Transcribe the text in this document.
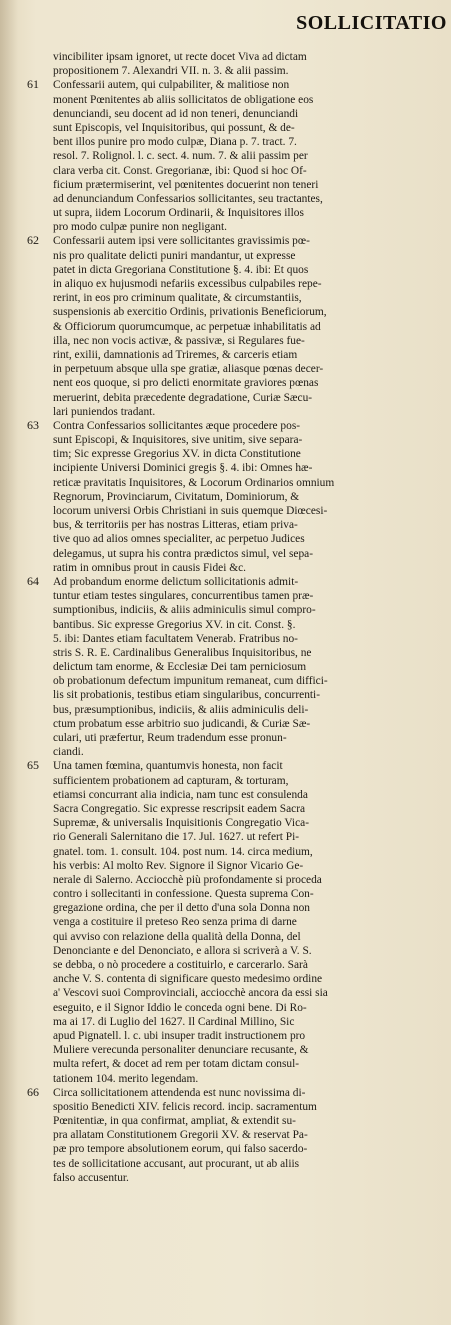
SOLLICITATIO
vincibiliter ipsam ignoret, ut recte docet Viva ad dictam
propositionem 7. Alexandri VII. n. 3. & alii passim.
61	Confessarii autem, qui culpabiliter, & malitiose non
monent Pœnitentes ab aliis sollicitatos de obligatione eos
denunciandi, seu docent ad id non teneri, denunciandi
sunt Episcopis, vel Inquisitoribus, qui possunt, & de-
bent illos punire pro modo culpæ, Diana p. 7. tract. 7.
resol. 7. Rolignol. l. c. sect. 4. num. 7. & alii passim per
clara verba cit. Const. Gregorianæ, ibi: Quod si hoc Of-
ficium prætermiserint, vel pœnitentes docuerint non teneri
ad denunciandum Confessarios sollicitantes, seu tractantes,
ut supra, iidem Locorum Ordinarii, & Inquisitores illos
pro modo culpæ punire non negligant.
62	Confessarii autem ipsi vere sollicitantes gravissimis pœ-
nis pro qualitate delicti puniri mandantur, ut expresse
patet in dicta Gregoriana Constitutione §. 4. ibi: Et quos
in aliquo ex hujusmodi nefariis excessibus culpabiles repe-
rerint, in eos pro criminum qualitate, & circumstantiis,
suspensionis ab exercitio Ordinis, privationis Beneficiorum,
& Officiorum quorumcumque, ac perpetuæ inhabilitatis ad
illa, nec non vocis activæ, & passivæ, si Regulares fue-
rint, exilii, damnationis ad Triremes, & carceris etiam
in perpetuum absque ulla spe gratiæ, aliasque pœnas decer-
nent eos quoque, si pro delicti enormitate graviores pœnas
meruerint, debita præcedente degradatione, Curiæ Sæcu-
lari puniendos tradant.
63	Contra Confessarios sollicitantes æque procedere pos-
sunt Episcopi, & Inquisitores, sive unitim, sive separa-
tim; Sic expresse Gregorius XV. in dicta Constitutione
incipiente Universi Dominici gregis §. 4. ibi: Omnes hæ-
reticæ pravitatis Inquisitores, & Locorum Ordinarios omnium
Regnorum, Provinciarum, Civitatum, Dominiorum, &
locorum universi Orbis Christiani in suis quemque Diœcesi-
bus, & territoriis per has nostras Litteras, etiam priva-
tive quo ad alios omnes specialiter, ac perpetuo Judices
delegamus, ut supra his contra prædictos simul, vel sepa-
ratim in omnibus prout in causis Fidei &c.
64	Ad probandum enorme delictum sollicitationis admit-
tuntur etiam testes singulares, concurrentibus tamen præ-
sumptionibus, indiciis, & aliis adminiculis simul compro-
bantibus. Sic expresse Gregorius XV. in cit. Const. §.
5. ibi: Dantes etiam facultatem Venerab. Fratribus no-
stris S. R. E. Cardinalibus Generalibus Inquisitoribus, ne
delictum tam enorme, & Ecclesiæ Dei tam perniciosum
ob probationum defectum impunitum remaneat, cum diffici-
lis sit probationis, testibus etiam singularibus, concurrenti-
bus, præsumptionibus, indiciis, & aliis adminiculis deli-
ctum probatum esse arbitrio suo judicandi, & Curiæ Sæ-
culari, uti præfertur, Reum tradendum esse pronun-
ciandi.
65	Una tamen fœmina, quantumvis honesta, non facit
sufficientem probationem ad capturam, & torturam,
etiamsi concurrant alia indicia, nam tunc est consulenda
Sacra Congregatio. Sic expresse rescripsit eadem Sacra
Supremæ, & universalis Inquisitionis Congregatio Vica-
rio Generali Salernitano die 17. Jul. 1627. ut refert Pi-
gnatel. tom. 1. consult. 104. post num. 14. circa medium,
his verbis: Al molto Rev. Signore il Signor Vicario Ge-
nerale di Salerno. Acciocchè più profondamente si proceda
contro i sollecitanti in confessione. Questa suprema Con-
gregazione ordina, che per il detto d'una sola Donna non
venga a costituire il preteso Reo senza prima di darne
qui avviso con relazione della qualità della Donna, del
Denonciante e del Denonciato, e allora si scriverà a V. S.
se debba, o nò procedere a costituirlo, e carcerarlo. Sarà
anche V. S. contenta di significare questo medesimo ordine
a' Vescovi suoi Comprovinciali, acciocchè ancora da essi sia
eseguito, e il Signor Iddio le conceda ogni bene. Di Ro-
ma ai 17. di Luglio del 1627. Il Cardinal Millino, Sic
apud Pignatell. l. c. ubi insuper tradit instructionem pro
Muliere verecunda personaliter denunciare recusante, &
multa refert, & docet ad rem per totam dictam consul-
tationem 104. merito legendam.
66	Circa sollicitationem attendenda est nunc novissima di-
spositio Benedicti XIV. felicis record. incip. sacramentum
Pœnitentiæ, in qua confirmat, ampliat, & extendit su-
pra allatam Constitutionem Gregorii XV. & reservat Pa-
pæ pro tempore absolutionem eorum, qui falso sacerdo-
tes de sollicitatione accusant, aut procurant, ut ab aliis
falso accusentur.
